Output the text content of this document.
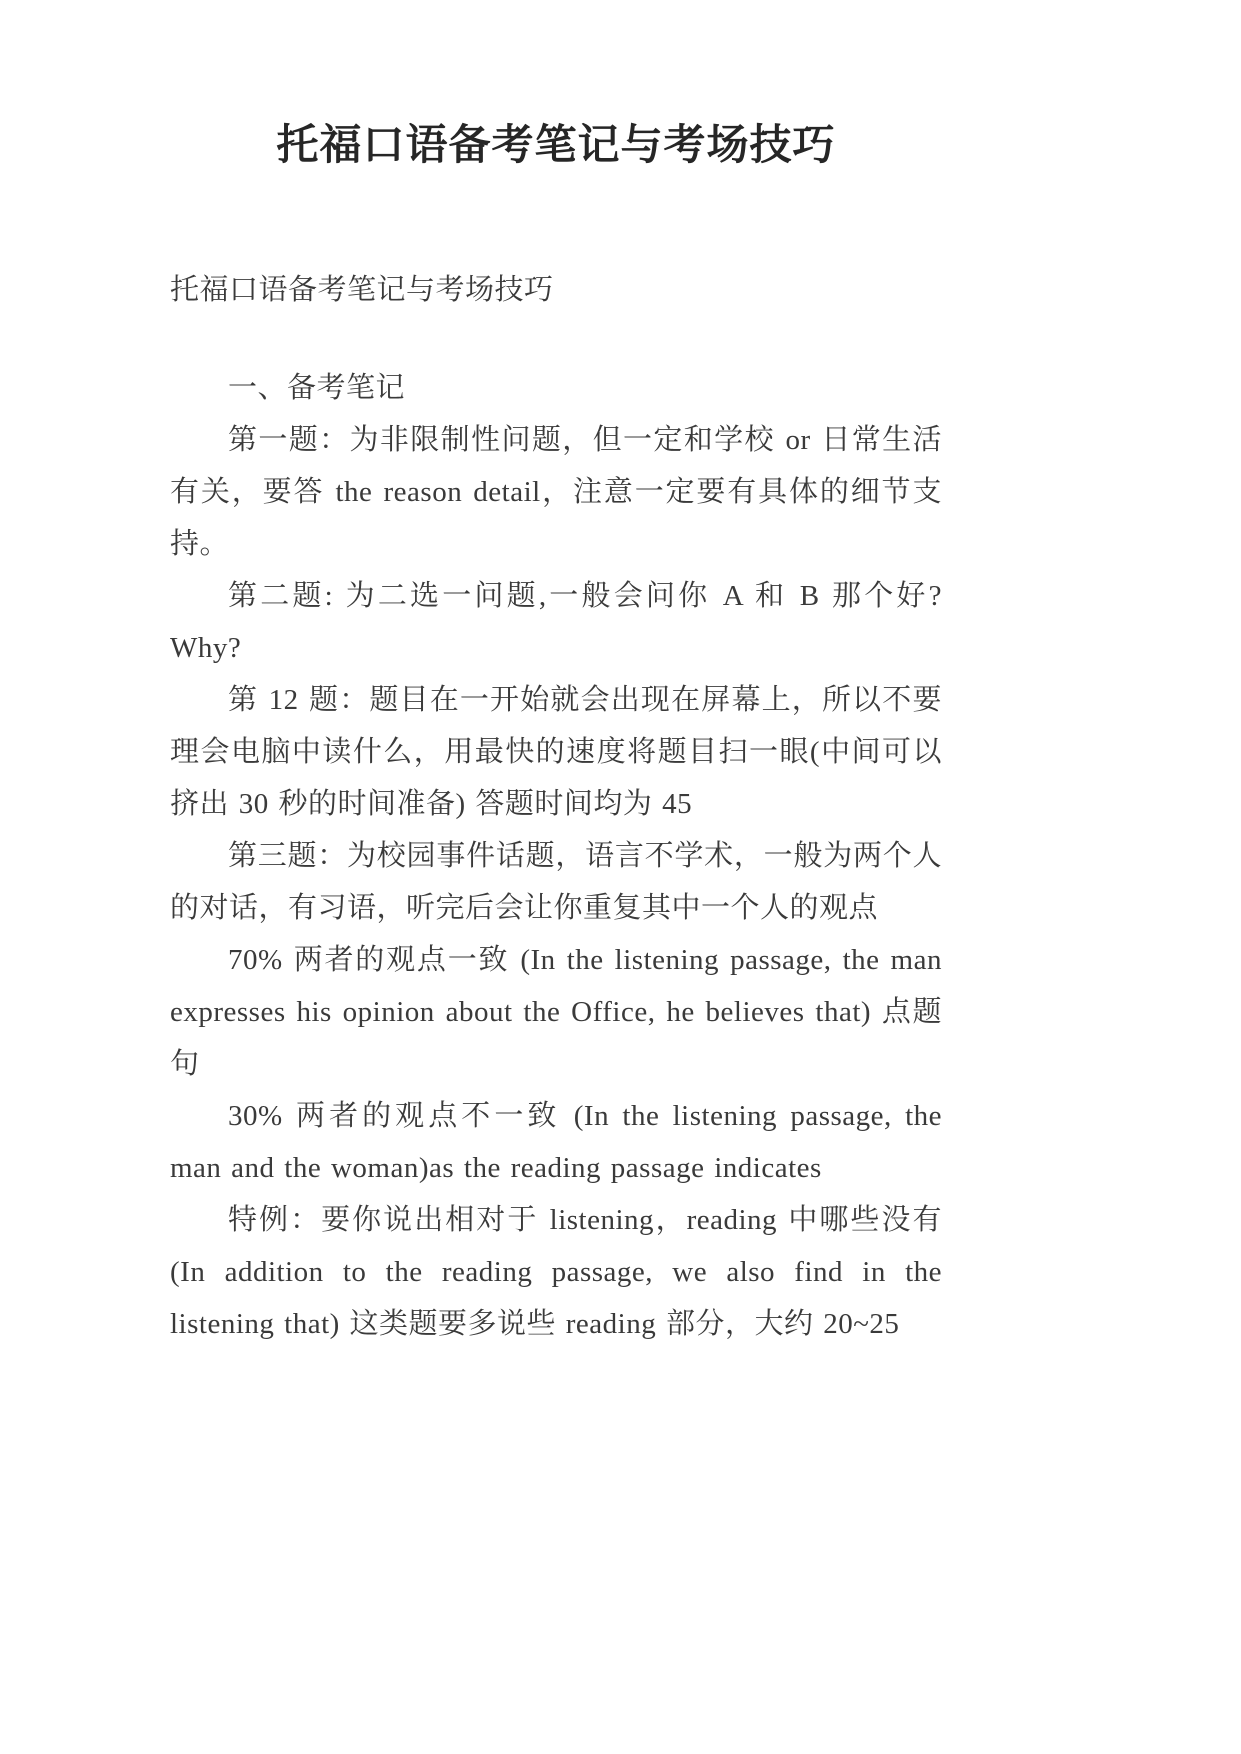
托福口语备考笔记与考场技巧

托福口语备考笔记与考场技巧

一、备考笔记

第一题：为非限制性问题，但一定和学校 or 日常生活有关，要答 the reason detail，注意一定要有具体的细节支持。

第二题: 为二选一问题,一般会问你 A 和 B 那个好? Why?

第 12 题：题目在一开始就会出现在屏幕上，所以不要理会电脑中读什么，用最快的速度将题目扫一眼(中间可以挤出 30 秒的时间准备) 答题时间均为 45

第三题：为校园事件话题，语言不学术，一般为两个人的对话，有习语，听完后会让你重复其中一个人的观点

70% 两者的观点一致 (In the listening passage, the man expresses his opinion about the Office, he believes that) 点题句

30% 两者的观点不一致 (In the listening passage, the man and the woman)as the reading passage indicates

特例：要你说出相对于 listening，reading 中哪些没有(In addition to the reading passage, we also find in the listening that) 这类题要多说些 reading 部分，大约 20~25
